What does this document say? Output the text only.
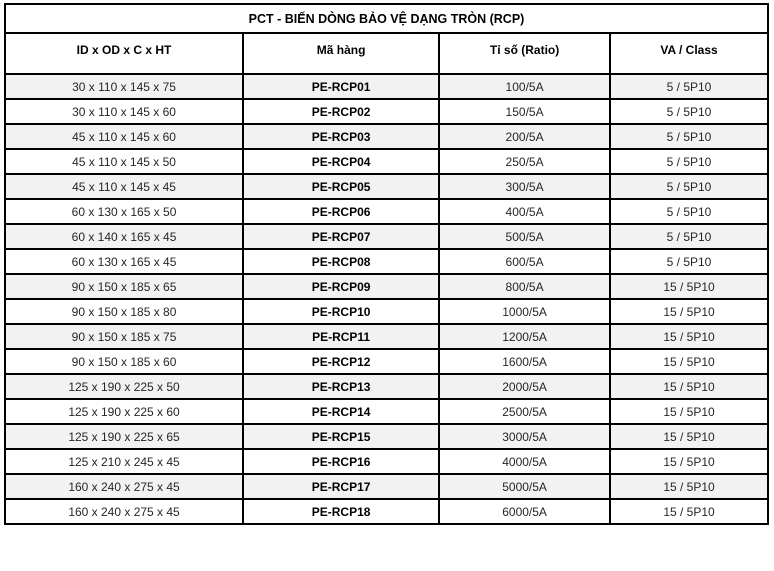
PCT - BIẾN DÒNG BẢO VỆ DẠNG TRÒN (RCP)			
ID x OD x C x HT	Mã hàng	Tỉ số (Ratio)	VA / Class
30 x 110 x 145 x 75	PE-RCP01	100/5A	5 / 5P10
30 x 110 x 145 x 60	PE-RCP02	150/5A	5 / 5P10
45 x 110 x 145 x 60	PE-RCP03	200/5A	5 / 5P10
45 x 110 x 145 x 50	PE-RCP04	250/5A	5 / 5P10
45 x 110 x 145 x 45	PE-RCP05	300/5A	5 / 5P10
60 x 130 x 165 x 50	PE-RCP06	400/5A	5 / 5P10
60 x 140 x 165 x 45	PE-RCP07	500/5A	5 / 5P10
60 x 130 x 165 x 45	PE-RCP08	600/5A	5 / 5P10
90 x 150 x 185 x 65	PE-RCP09	800/5A	15 / 5P10
90 x 150 x 185 x 80	PE-RCP10	1000/5A	15 / 5P10
90 x 150 x 185 x 75	PE-RCP11	1200/5A	15 / 5P10
90 x 150 x 185 x 60	PE-RCP12	1600/5A	15 / 5P10
125 x 190 x 225 x 50	PE-RCP13	2000/5A	15 / 5P10
125 x 190 x 225 x 60	PE-RCP14	2500/5A	15 / 5P10
125 x 190 x 225 x 65	PE-RCP15	3000/5A	15 / 5P10
125 x 210 x 245 x 45	PE-RCP16	4000/5A	15 / 5P10
160 x 240 x 275 x 45	PE-RCP17	5000/5A	15 / 5P10
160 x 240 x 275 x 45	PE-RCP18	6000/5A	15 / 5P10
